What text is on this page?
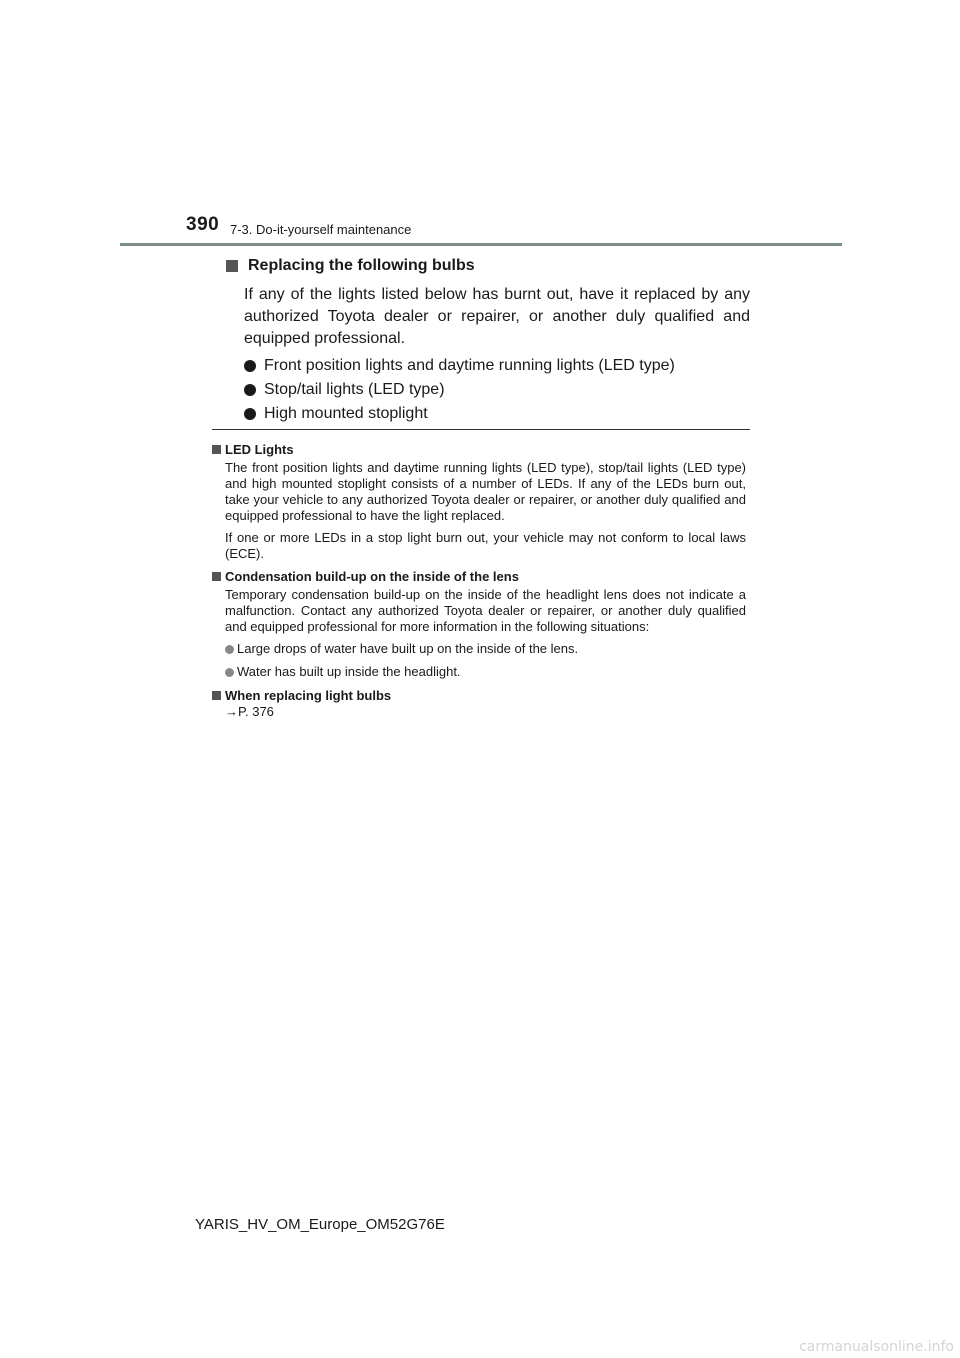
390 7-3. Do-it-yourself maintenance
Replacing the following bulbs

If any of the lights listed below has burnt out, have it replaced by any authorized Toyota dealer or repairer, or another duly qualified and equipped professional.

Front position lights and daytime running lights (LED type)
Stop/tail lights (LED type)
High mounted stoplight
LED Lights

The front position lights and daytime running lights (LED type), stop/tail lights (LED type) and high mounted stoplight consists of a number of LEDs. If any of the LEDs burn out, take your vehicle to any authorized Toyota dealer or repairer, or another duly qualified and equipped professional to have the light replaced.

If one or more LEDs in a stop light burn out, your vehicle may not conform to local laws (ECE).

Condensation build-up on the inside of the lens

Temporary condensation build-up on the inside of the headlight lens does not indicate a malfunction. Contact any authorized Toyota dealer or repairer, or another duly qualified and equipped professional for more information in the following situations:

Large drops of water have built up on the inside of the lens.
Water has built up inside the headlight.
When replacing light bulbs

→P. 376

YARIS_HV_OM_Europe_OM52G76E
carmanualsonline.info
